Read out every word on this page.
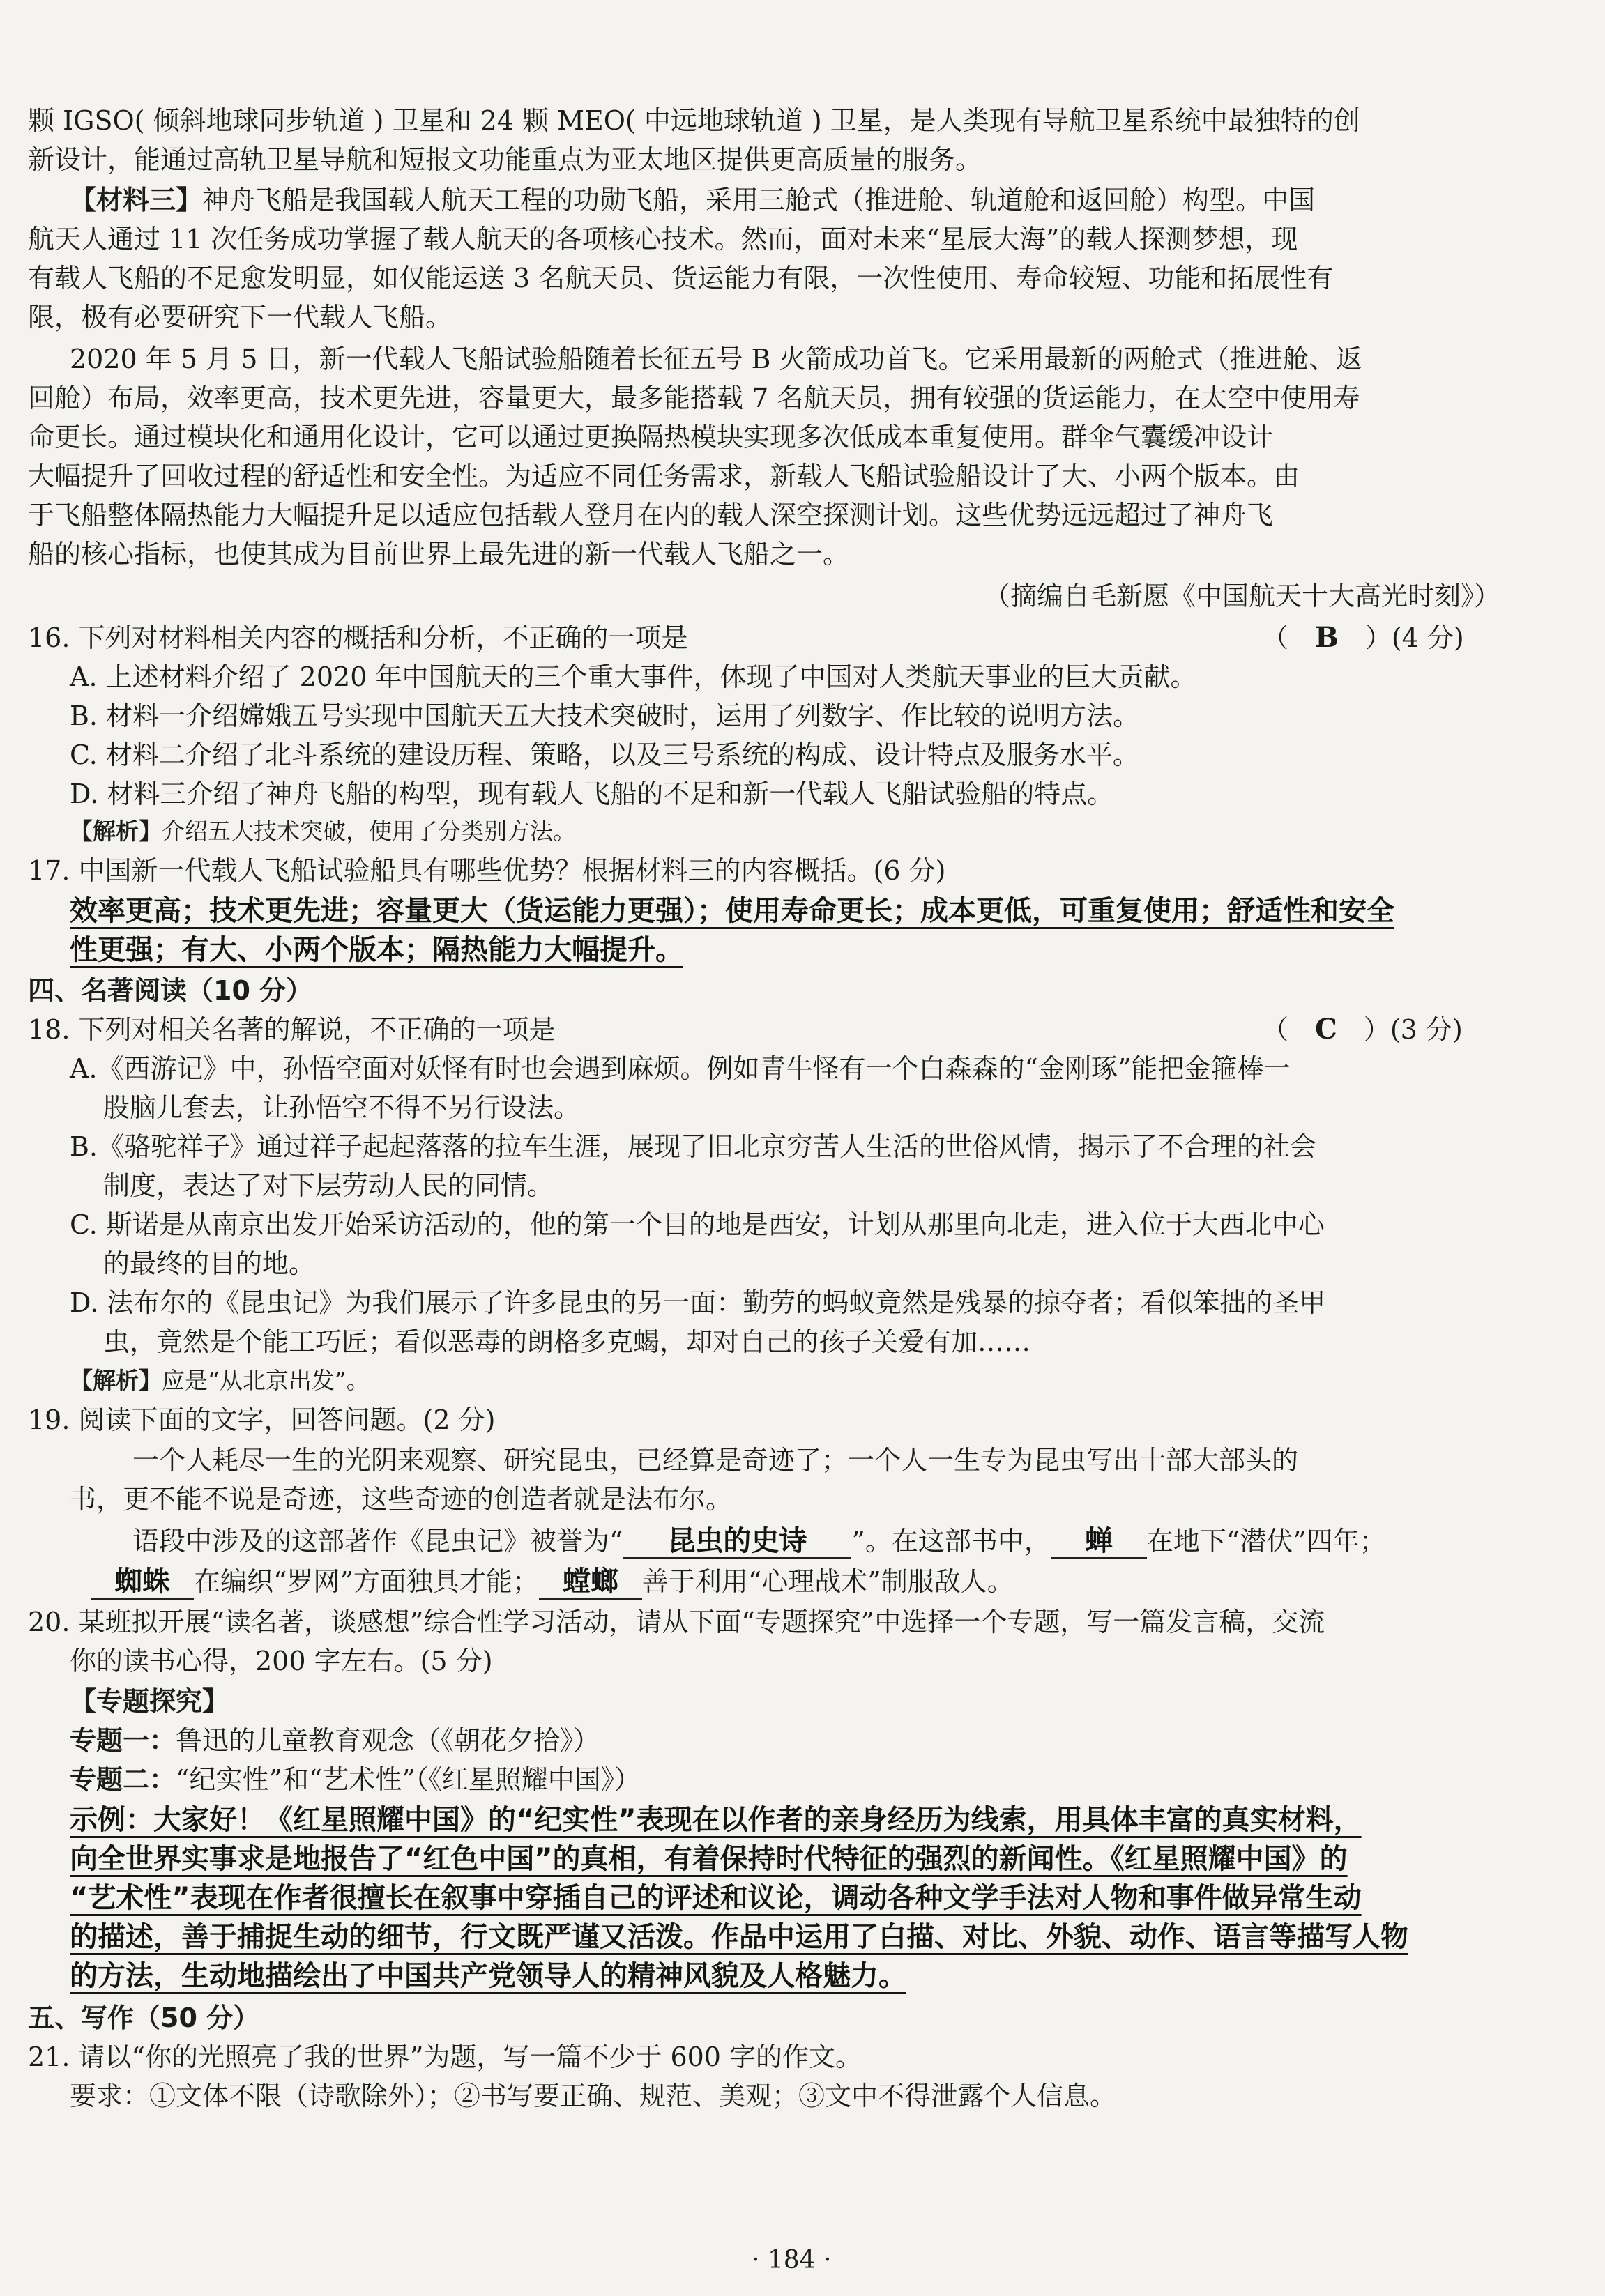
颗 IGSO( 倾斜地球同步轨道 ) 卫星和 24 颗 MEO( 中远地球轨道 ) 卫星，是人类现有导航卫星系统中最独特的创
新设计，能通过高轨卫星导航和短报文功能重点为亚太地区提供更高质量的服务。
【材料三】神舟飞船是我国载人航天工程的功勋飞船，采用三舱式（推进舱、轨道舱和返回舱）构型。中国
航天人通过 11 次任务成功掌握了载人航天的各项核心技术。然而，面对未来“星辰大海”的载人探测梦想，现
有载人飞船的不足愈发明显，如仅能运送 3 名航天员、货运能力有限，一次性使用、寿命较短、功能和拓展性有
限，极有必要研究下一代载人飞船。
2020 年 5 月 5 日，新一代载人飞船试验船随着长征五号 B 火箭成功首飞。它采用最新的两舱式（推进舱、返
回舱）布局，效率更高，技术更先进，容量更大，最多能搭载 7 名航天员，拥有较强的货运能力，在太空中使用寿
命更长。通过模块化和通用化设计，它可以通过更换隔热模块实现多次低成本重复使用。群伞气囊缓冲设计
大幅提升了回收过程的舒适性和安全性。为适应不同任务需求，新载人飞船试验船设计了大、小两个版本。由
于飞船整体隔热能力大幅提升足以适应包括载人登月在内的载人深空探测计划。这些优势远远超过了神舟飞
船的核心指标，也使其成为目前世界上最先进的新一代载人飞船之一。
（摘编自毛新愿《中国航天十大高光时刻》）
16. 下列对材料相关内容的概括和分析，不正确的一项是	（ B ）(4 分)
A. 上述材料介绍了 2020 年中国航天的三个重大事件，体现了中国对人类航天事业的巨大贡献。
B. 材料一介绍嫦娥五号实现中国航天五大技术突破时，运用了列数字、作比较的说明方法。
C. 材料二介绍了北斗系统的建设历程、策略，以及三号系统的构成、设计特点及服务水平。
D. 材料三介绍了神舟飞船的构型，现有载人飞船的不足和新一代载人飞船试验船的特点。
【解析】介绍五大技术突破，使用了分类别方法。
17. 中国新一代载人飞船试验船具有哪些优势？根据材料三的内容概括。(6 分)
效率更高；技术更先进；容量更大（货运能力更强）；使用寿命更长；成本更低，可重复使用；舒适性和安全
性更强；有大、小两个版本；隔热能力大幅提升。
四、名著阅读（10 分）
18. 下列对相关名著的解说，不正确的一项是	（ C ）(3 分)
A.《西游记》中，孙悟空面对妖怪有时也会遇到麻烦。例如青牛怪有一个白森森的“金刚琢”能把金箍棒一
股脑儿套去，让孙悟空不得不另行设法。
B.《骆驼祥子》通过祥子起起落落的拉车生涯，展现了旧北京穷苦人生活的世俗风情，揭示了不合理的社会
制度，表达了对下层劳动人民的同情。
C. 斯诺是从南京出发开始采访活动的，他的第一个目的地是西安，计划从那里向北走，进入位于大西北中心
的最终的目的地。
D. 法布尔的《昆虫记》为我们展示了许多昆虫的另一面：勤劳的蚂蚁竟然是残暴的掠夺者；看似笨拙的圣甲
虫，竟然是个能工巧匠；看似恶毒的朗格多克蝎，却对自己的孩子关爱有加……
【解析】应是“从北京出发”。
19. 阅读下面的文字，回答问题。(2 分)
一个人耗尽一生的光阴来观察、研究昆虫，已经算是奇迹了；一个人一生专为昆虫写出十部大部头的
书，更不能不说是奇迹，这些奇迹的创造者就是法布尔。
语段中涉及的这部著作《昆虫记》被誉为“ 昆虫的史诗 ”。在这部书中， 蝉 在地下“潜伏”四年；
蜘蛛 在编织“罗网”方面独具才能； 螳螂 善于利用“心理战术”制服敌人。
20. 某班拟开展“读名著，谈感想”综合性学习活动，请从下面“专题探究”中选择一个专题，写一篇发言稿，交流
你的读书心得，200 字左右。(5 分)
【专题探究】
专题一：鲁迅的儿童教育观念（《朝花夕拾》）
专题二：“纪实性”和“艺术性”（《红星照耀中国》）
示例：大家好！《红星照耀中国》的“纪实性”表现在以作者的亲身经历为线索，用具体丰富的真实材料，
向全世界实事求是地报告了“红色中国”的真相，有着保持时代特征的强烈的新闻性。《红星照耀中国》的
“艺术性”表现在作者很擅长在叙事中穿插自己的评述和议论，调动各种文学手法对人物和事件做异常生动
的描述，善于捕捉生动的细节，行文既严谨又活泼。作品中运用了白描、对比、外貌、动作、语言等描写人物
的方法，生动地描绘出了中国共产党领导人的精神风貌及人格魅力。
五、写作（50 分）
21. 请以“你的光照亮了我的世界”为题，写一篇不少于 600 字的作文。
要求：①文体不限（诗歌除外）；②书写要正确、规范、美观；③文中不得泄露个人信息。
· 184 ·
